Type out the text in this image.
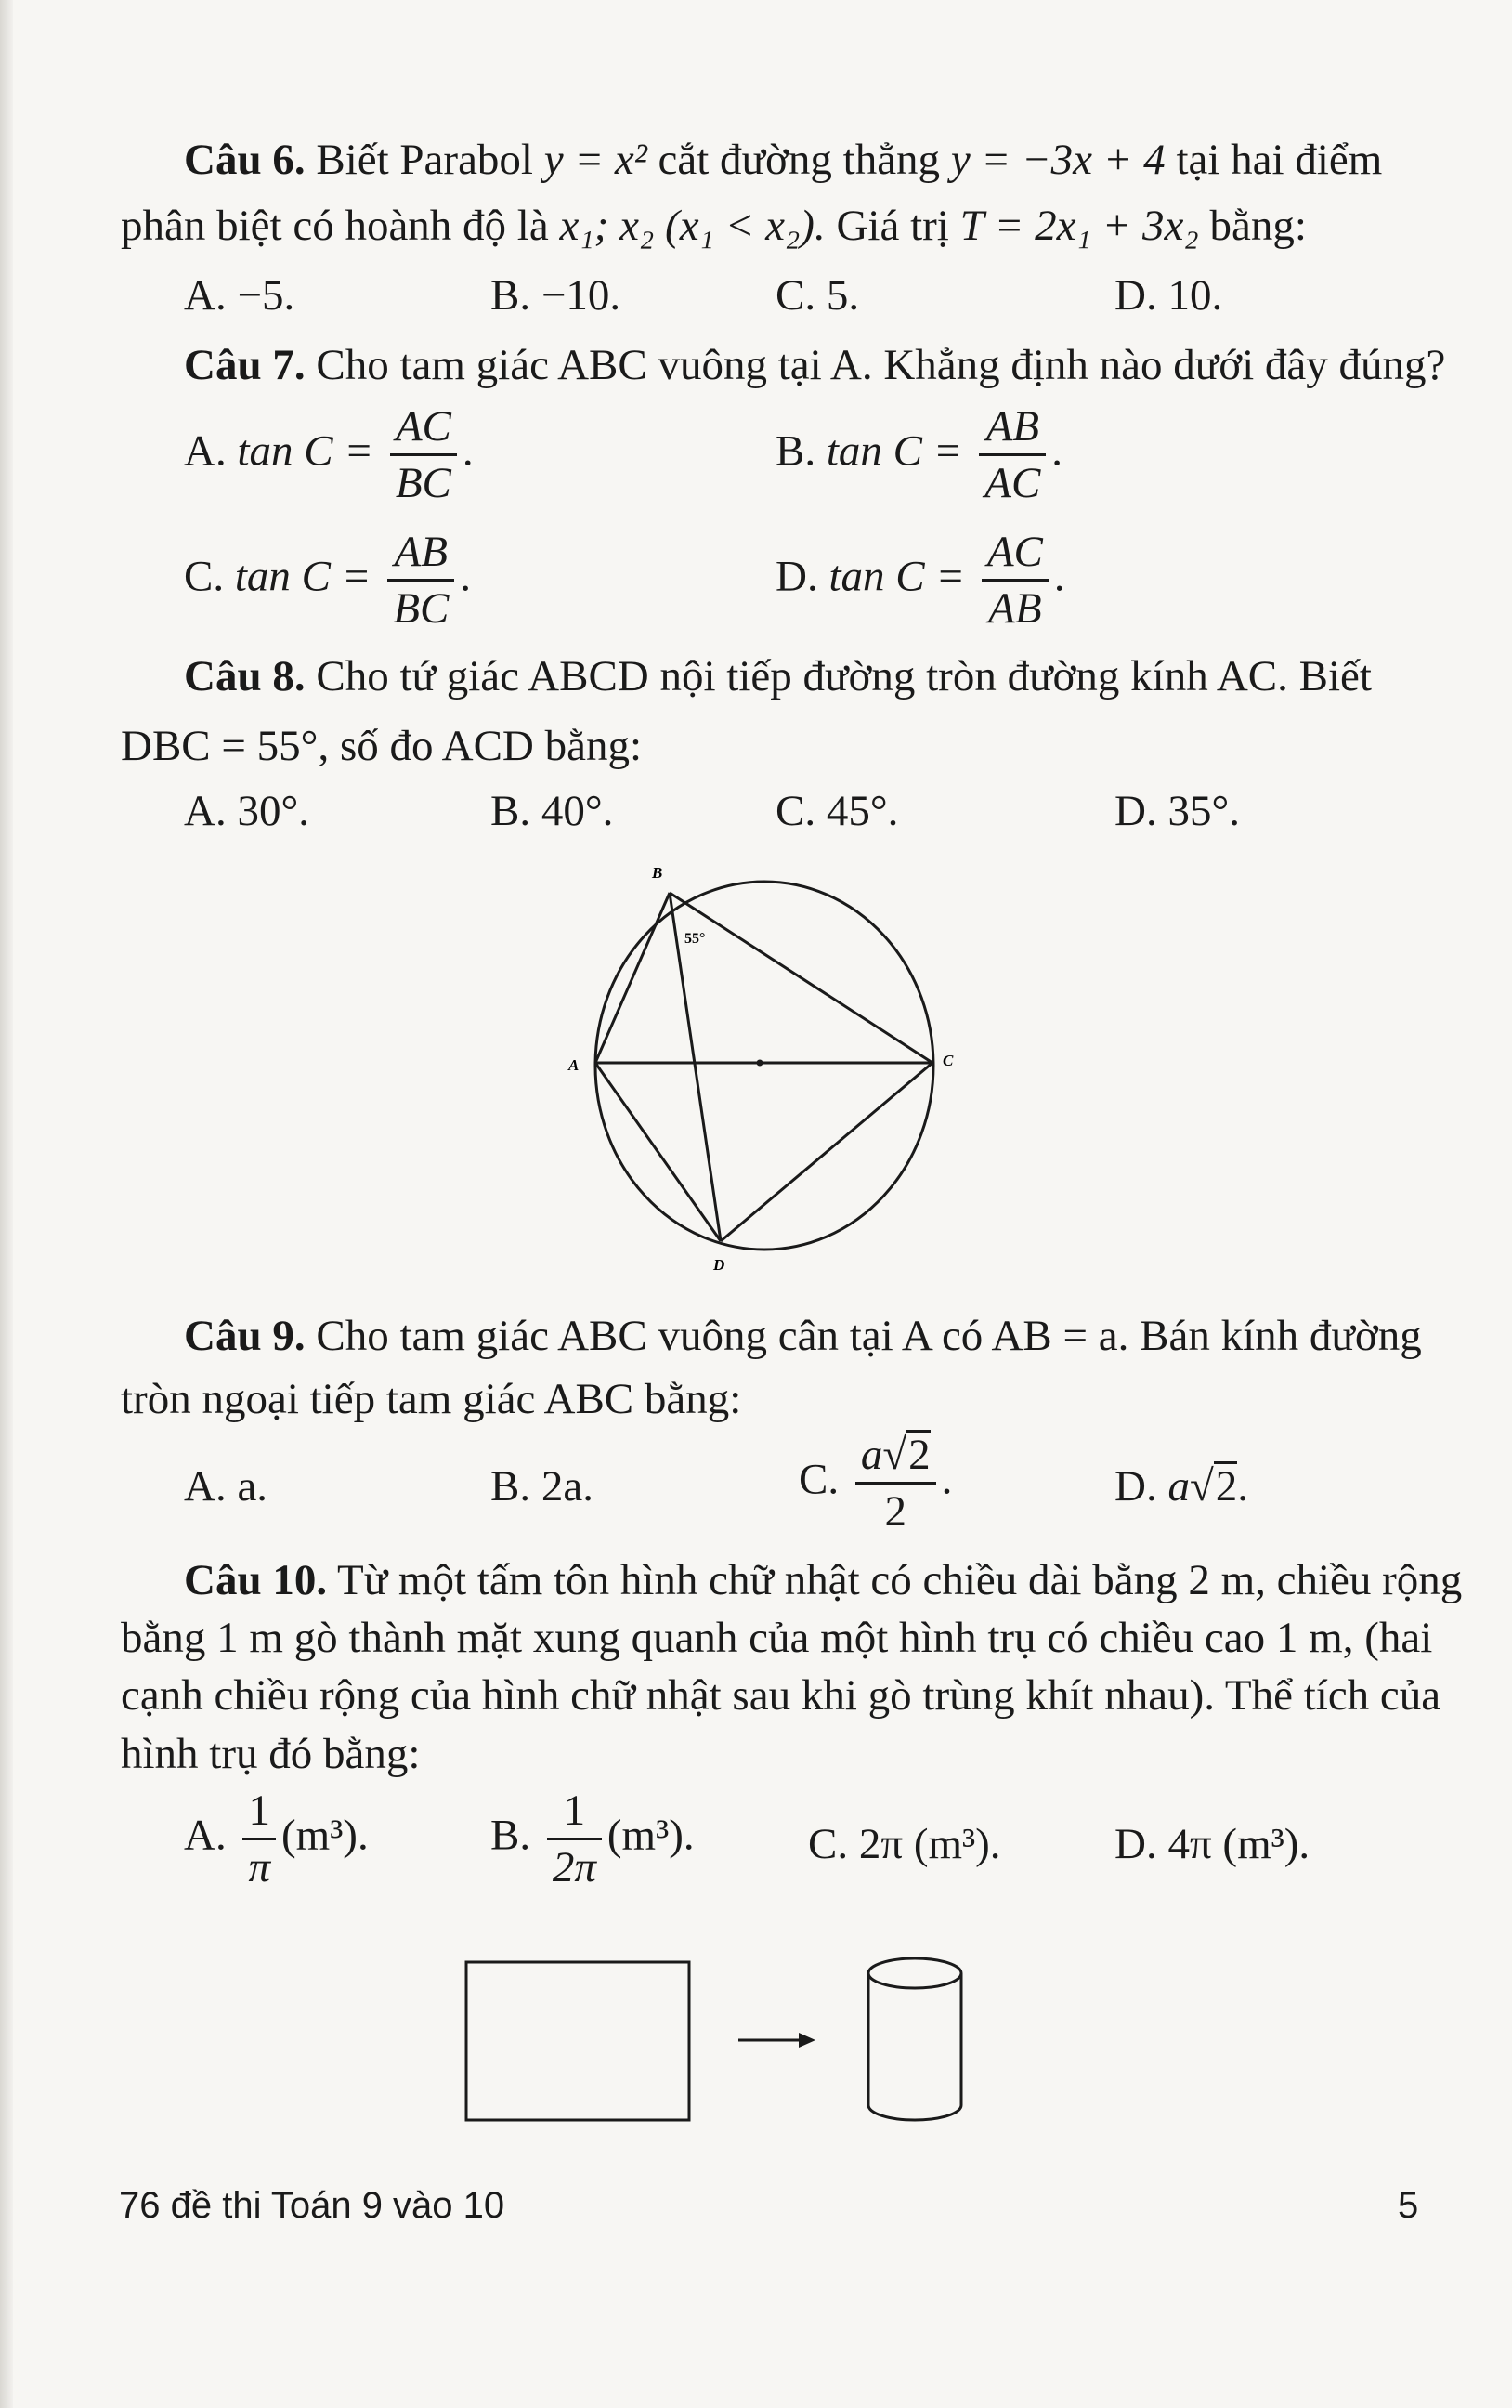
Câu 6. Biết Parabol y = x² cắt đường thẳng y = −3x + 4 tại hai điểm
phân biệt có hoành độ là x₁; x₂ (x₁ < x₂). Giá trị T = 2x₁ + 3x₂ bằng:
A. −5.	B. −10.	C. 5.	D. 10.
Câu 7. Cho tam giác ABC vuông tại A. Khẳng định nào dưới đây đúng?
A. $\tan C = \frac{AC}{BC}$ .	B. $\tan C = \frac{AB}{AC}$ .
C. $\tan C = \frac{AB}{BC}$ .	D. $\tan C = \frac{AC}{AB}$ .
Câu 8. Cho tứ giác ABCD nội tiếp đường tròn đường kính AC. Biết
DBC = 55°, số đo ACD bằng:
A. 30°.	B. 40°.	C. 45°.	D. 35°.
B
A	C
D
55°
Câu 9. Cho tam giác ABC vuông cân tại A có AB = a. Bán kính đường
tròn ngoại tiếp tam giác ABC bằng:
A. a.	B. 2a.	C. $\frac{a√2}{2}$ .	D. a√2.
Câu 10. Từ một tấm tôn hình chữ nhật có chiều dài bằng 2 m, chiều rộng
bằng 1 m gò thành mặt xung quanh của một hình trụ có chiều cao 1 m, (hai
cạnh chiều rộng của hình chữ nhật sau khi gò trùng khít nhau). Thể tích của
hình trụ đó bằng:
A. $\frac{1}{\pi} (m^3)$.	B. $\frac{1}{2\pi} (m^3)$.	C. 2π (m³).	D. 4π (m³).
76 đề thi Toán 9 vào 10	5
